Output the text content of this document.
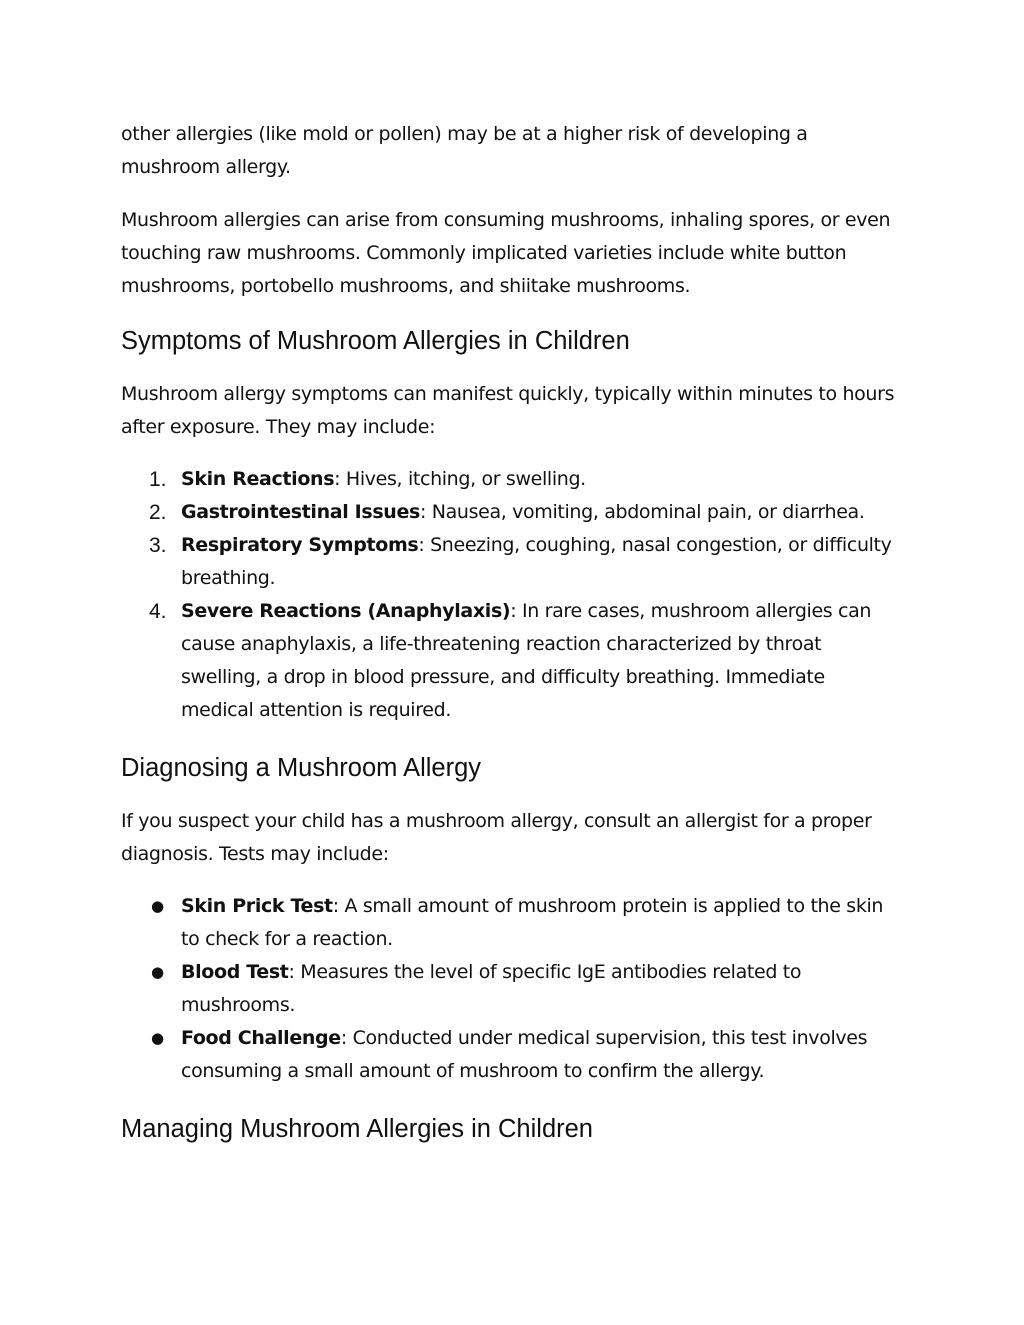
other allergies (like mold or pollen) may be at a higher risk of developing a mushroom allergy.

Mushroom allergies can arise from consuming mushrooms, inhaling spores, or even touching raw mushrooms. Commonly implicated varieties include white button mushrooms, portobello mushrooms, and shiitake mushrooms.

Symptoms of Mushroom Allergies in Children

Mushroom allergy symptoms can manifest quickly, typically within minutes to hours after exposure. They may include:

1. Skin Reactions: Hives, itching, or swelling.
2. Gastrointestinal Issues: Nausea, vomiting, abdominal pain, or diarrhea.
3. Respiratory Symptoms: Sneezing, coughing, nasal congestion, or difficulty breathing.
4. Severe Reactions (Anaphylaxis): In rare cases, mushroom allergies can cause anaphylaxis, a life-threatening reaction characterized by throat swelling, a drop in blood pressure, and difficulty breathing. Immediate medical attention is required.
Diagnosing a Mushroom Allergy

If you suspect your child has a mushroom allergy, consult an allergist for a proper diagnosis. Tests may include:

● Skin Prick Test: A small amount of mushroom protein is applied to the skin to check for a reaction.
● Blood Test: Measures the level of specific IgE antibodies related to mushrooms.
● Food Challenge: Conducted under medical supervision, this test involves consuming a small amount of mushroom to confirm the allergy.
Managing Mushroom Allergies in Children
